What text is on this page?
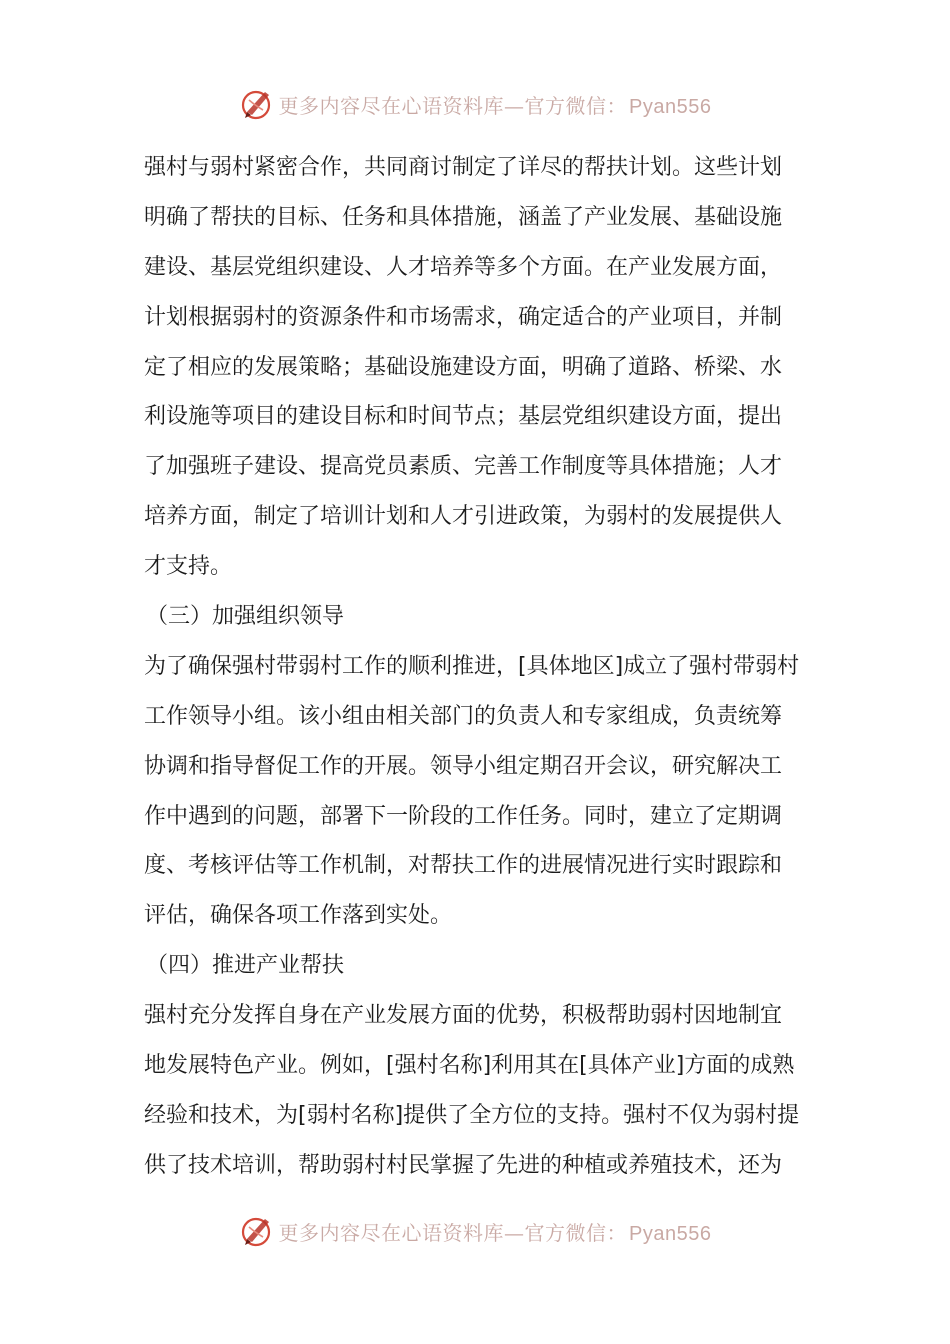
更多内容尽在心语资料库—官方微信： Pyan556
强村与弱村紧密合作，共同商讨制定了详尽的帮扶计划。这些计划
明确了帮扶的目标、任务和具体措施，涵盖了产业发展、基础设施
建设、基层党组织建设、人才培养等多个方面。在产业发展方面，
计划根据弱村的资源条件和市场需求，确定适合的产业项目，并制
定了相应的发展策略；基础设施建设方面，明确了道路、桥梁、水
利设施等项目的建设目标和时间节点；基层党组织建设方面，提出
了加强班子建设、提高党员素质、完善工作制度等具体措施；人才
培养方面，制定了培训计划和人才引进政策，为弱村的发展提供人
才支持。
（三）加强组织领导
为了确保强村带弱村工作的顺利推进，[具体地区]成立了强村带弱村
工作领导小组。该小组由相关部门的负责人和专家组成，负责统筹
协调和指导督促工作的开展。领导小组定期召开会议，研究解决工
作中遇到的问题，部署下一阶段的工作任务。同时，建立了定期调
度、考核评估等工作机制，对帮扶工作的进展情况进行实时跟踪和
评估，确保各项工作落到实处。
（四）推进产业帮扶
强村充分发挥自身在产业发展方面的优势，积极帮助弱村因地制宜
地发展特色产业。例如，[强村名称]利用其在[具体产业]方面的成熟
经验和技术，为[弱村名称]提供了全方位的支持。强村不仅为弱村提
供了技术培训，帮助弱村村民掌握了先进的种植或养殖技术，还为
更多内容尽在心语资料库—官方微信： Pyan556
